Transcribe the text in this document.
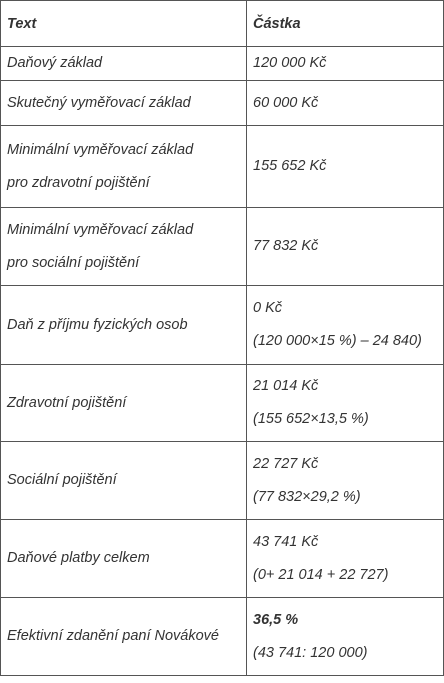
Text	Částka

Daňový základ	120 000 Kč

Skutečný vyměřovací základ	60 000 Kč

Minimální vyměřovací základ
pro zdravotní pojištění	155 652 Kč

Minimální vyměřovací základ
pro sociální pojištění	77 832 Kč

Daň z příjmu fyzických osob	0 Kč
(120 000×15 %) – 24 840)

Zdravotní pojištění	21 014 Kč
(155 652×13,5 %)

Sociální pojištění	22 727 Kč
(77 832×29,2 %)

Daňové platby celkem	43 741 Kč
(0+ 21 014 + 22 727)

Efektivní zdanění paní Novákové	36,5 %
(43 741: 120 000)
